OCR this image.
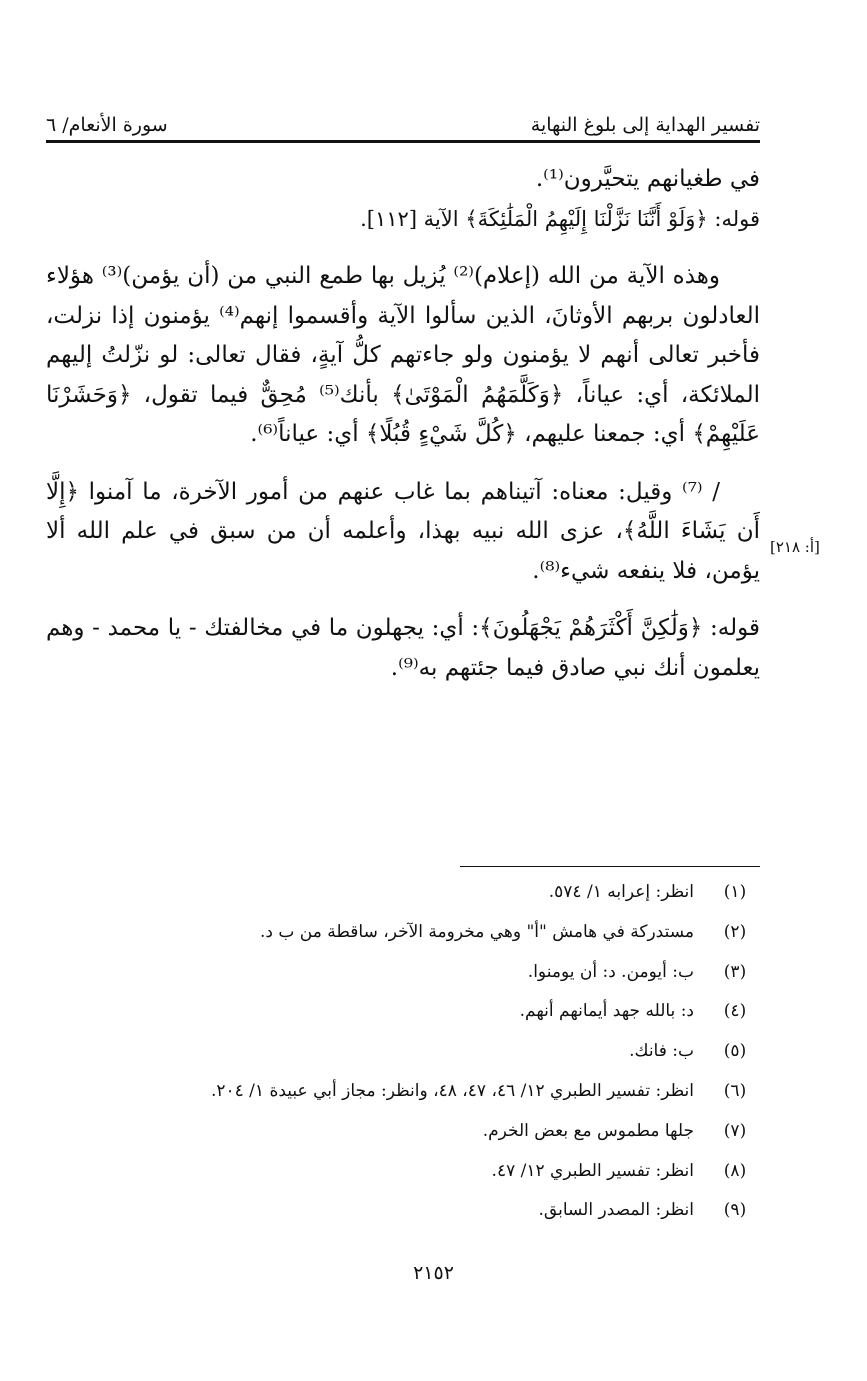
تفسير الهداية إلى بلوغ النهاية
سورة الأنعام/ ٦

في طغيانهم يتحيَّرون⁽¹⁾.

قوله: ﴿وَلَوْ أَنَّنَا نَزَّلْنَا إِلَيْهِمُ الْمَلَٰئِكَةَ﴾ الآية [١١٢].

وهذه الآية من الله (إعلام)⁽²⁾ يُزيل بها طمع النبي من (أن يؤمن)⁽³⁾ هؤلاء العادلون بربهم الأوثانَ، الذين سألوا الآية وأقسموا إنهم⁽⁴⁾ يؤمنون إذا نزلت، فأخبر تعالى أنهم لا يؤمنون ولو جاءتهم كلُّ آيةٍ، فقال تعالى: لو نزّلتُ إليهم الملائكة، أي: عياناً، ﴿وَكَلَّمَهُمُ الْمَوْتَىٰ﴾ بأنك⁽⁵⁾ مُحِقٌّ فيما تقول، ﴿وَحَشَرْنَا عَلَيْهِمْ﴾ أي: جمعنا عليهم، ﴿كُلَّ شَيْءٍ قُبُلًا﴾ أي: عياناً⁽⁶⁾.

/ ⁽⁷⁾ وقيل: معناه: آتيناهم بما غاب عنهم من أمور الآخرة، ما آمنوا ﴿إِلَّا أَن يَشَاءَ اللَّهُ﴾، عزى الله نبيه بهذا، وأعلمه أن من سبق في علم الله ألا يؤمن، فلا ينفعه شيء⁽⁸⁾.

قوله: ﴿وَلَٰكِنَّ أَكْثَرَهُمْ يَجْهَلُونَ﴾: أي: يجهلون ما في مخالفتك - يا محمد - وهم يعلمون أنك نبي صادق فيما جئتهم به⁽⁹⁾.

[أ: ٢١٨]
(١)
انظر: إعرابه ١/ ٥٧٤.
(٢)
مستدركة في هامش "أ" وهي مخرومة الآخر، ساقطة من ب د.
(٣)
ب: أيومن. د: أن يومنوا.
(٤)
د: بالله جهد أيمانهم أنهم.
(٥)
ب: فانك.
(٦)
انظر: تفسير الطبري ١٢/ ٤٦، ٤٧، ٤٨، وانظر: مجاز أبي عبيدة ١/ ٢٠٤.
(٧)
جلها مطموس مع بعض الخرم.
(٨)
انظر: تفسير الطبري ١٢/ ٤٧.
(٩)
انظر: المصدر السابق.
٢١٥٢
